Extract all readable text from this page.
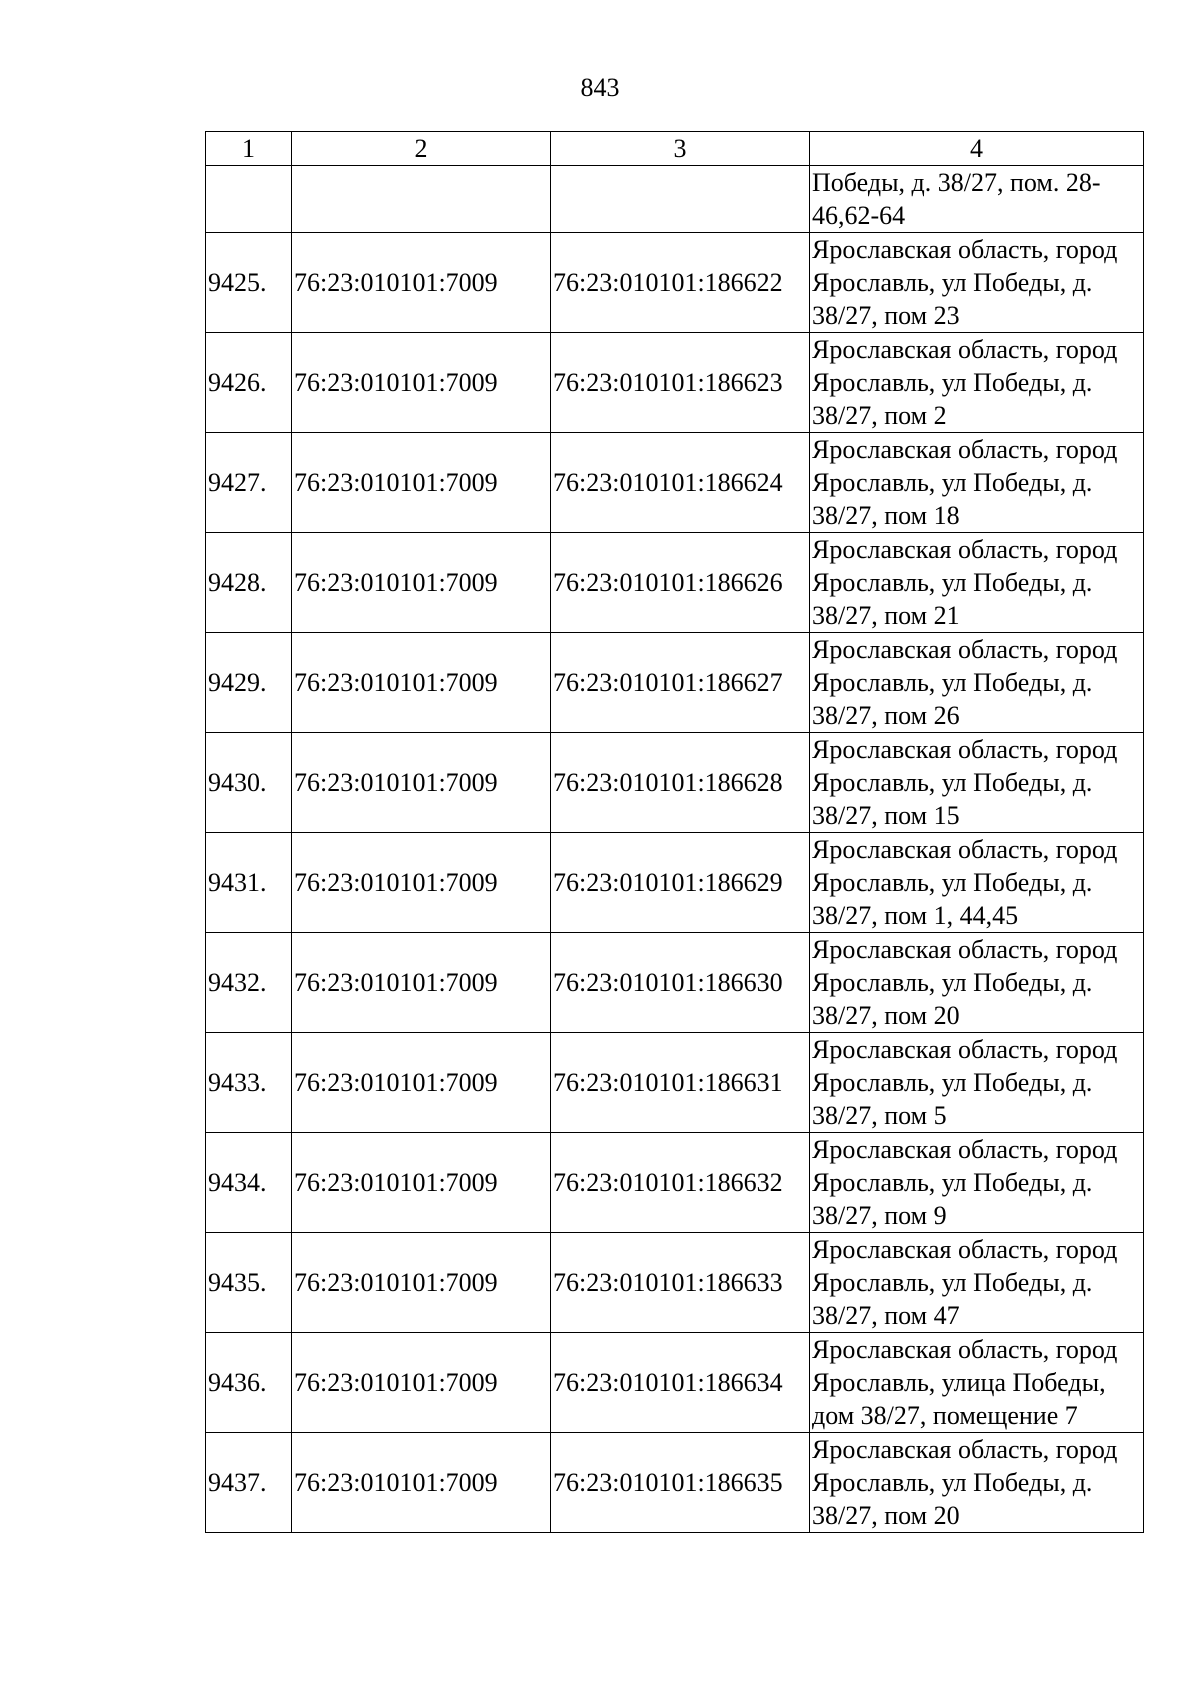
843
1	2	3	4
			Победы, д. 38/27, пом. 28-46,62-64
9425.	76:23:010101:7009	76:23:010101:186622	Ярославская область, город Ярославль, ул Победы, д. 38/27, пом 23
9426.	76:23:010101:7009	76:23:010101:186623	Ярославская область, город Ярославль, ул Победы, д. 38/27, пом 2
9427.	76:23:010101:7009	76:23:010101:186624	Ярославская область, город Ярославль, ул Победы, д. 38/27, пом 18
9428.	76:23:010101:7009	76:23:010101:186626	Ярославская область, город Ярославль, ул Победы, д. 38/27, пом 21
9429.	76:23:010101:7009	76:23:010101:186627	Ярославская область, город Ярославль, ул Победы, д. 38/27, пом 26
9430.	76:23:010101:7009	76:23:010101:186628	Ярославская область, город Ярославль, ул Победы, д. 38/27, пом 15
9431.	76:23:010101:7009	76:23:010101:186629	Ярославская область, город Ярославль, ул Победы, д. 38/27, пом 1, 44,45
9432.	76:23:010101:7009	76:23:010101:186630	Ярославская область, город Ярославль, ул Победы, д. 38/27, пом 20
9433.	76:23:010101:7009	76:23:010101:186631	Ярославская область, город Ярославль, ул Победы, д. 38/27, пом 5
9434.	76:23:010101:7009	76:23:010101:186632	Ярославская область, город Ярославль, ул Победы, д. 38/27, пом 9
9435.	76:23:010101:7009	76:23:010101:186633	Ярославская область, город Ярославль, ул Победы, д. 38/27, пом 47
9436.	76:23:010101:7009	76:23:010101:186634	Ярославская область, город Ярославль, улица Победы, дом 38/27, помещение 7
9437.	76:23:010101:7009	76:23:010101:186635	Ярославская область, город Ярославль, ул Победы, д. 38/27, пом 20
